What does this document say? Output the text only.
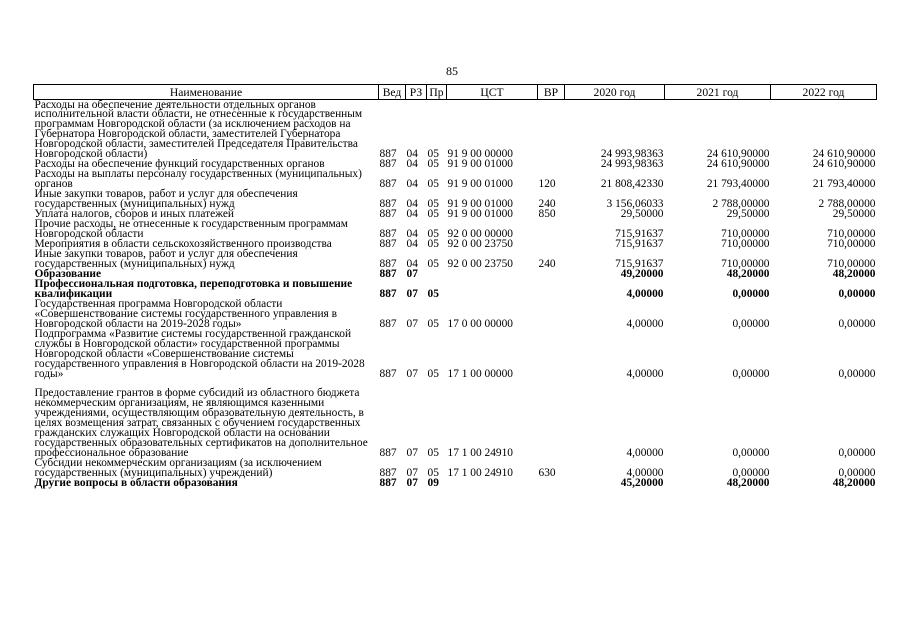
85
Наименование	Вед	РЗ	Пр	ЦСТ	ВР	2020 год	2021 год	2022 год
Расходы на обеспечение деятельности отдельных органов исполнительной власти области, не отнесенные к государственным программам Новгородской области (за исключением расходов на Губернатора Новгородской области, заместителей Губернатора Новгородской области, заместителей Председателя Правительства Новгородской области)	887	04	05	91 9 00 00000		24 993,98363	24 610,90000	24 610,90000
Расходы на обеспечение функций государственных органов	887	04	05	91 9 00 01000		24 993,98363	24 610,90000	24 610,90000
Расходы на выплаты персоналу государственных (муниципальных) органов	887	04	05	91 9 00 01000	120	21 808,42330	21 793,40000	21 793,40000
Иные закупки товаров, работ и услуг для обеспечения государственных (муниципальных) нужд	887	04	05	91 9 00 01000	240	3 156,06033	2 788,00000	2 788,00000
Уплата налогов, сборов и иных платежей	887	04	05	91 9 00 01000	850	29,50000	29,50000	29,50000
Прочие расходы, не отнесенные к государственным программам Новгородской области	887	04	05	92 0 00 00000		715,91637	710,00000	710,00000
Мероприятия в области сельскохозяйственного производства	887	04	05	92 0 00 23750		715,91637	710,00000	710,00000
Иные закупки товаров, работ и услуг для обеспечения государственных (муниципальных) нужд	887	04	05	92 0 00 23750	240	715,91637	710,00000	710,00000
Образование	887	07				49,20000	48,20000	48,20000
Профессиональная подготовка, переподготовка и повышение квалификации	887	07	05			4,00000	0,00000	0,00000
Государственная программа Новгородской области «Совершенствование системы государственного управления в Новгородской области на 2019-2028 годы»	887	07	05	17 0 00 00000		4,00000	0,00000	0,00000
Подпрограмма «Развитие системы государственной гражданской службы в Новгородской области» государственной программы Новгородской области «Совершенствование системы государственного управления в Новгородской области на 2019-2028 годы»	887	07	05	17 1 00 00000		4,00000	0,00000	0,00000
Предоставление грантов в форме субсидий из областного бюджета некоммерческим организациям, не являющимся казенными учреждениями, осуществляющим образовательную деятельность, в целях возмещения затрат, связанных с обучением государственных гражданских служащих Новгородской области на основании государственных образовательных сертификатов на дополнительное профессиональное образование	887	07	05	17 1 00 24910		4,00000	0,00000	0,00000
Субсидии некоммерческим организациям (за исключением государственных (муниципальных) учреждений)	887	07	05	17 1 00 24910	630	4,00000	0,00000	0,00000
Другие вопросы в области образования	887	07	09			45,20000	48,20000	48,20000
